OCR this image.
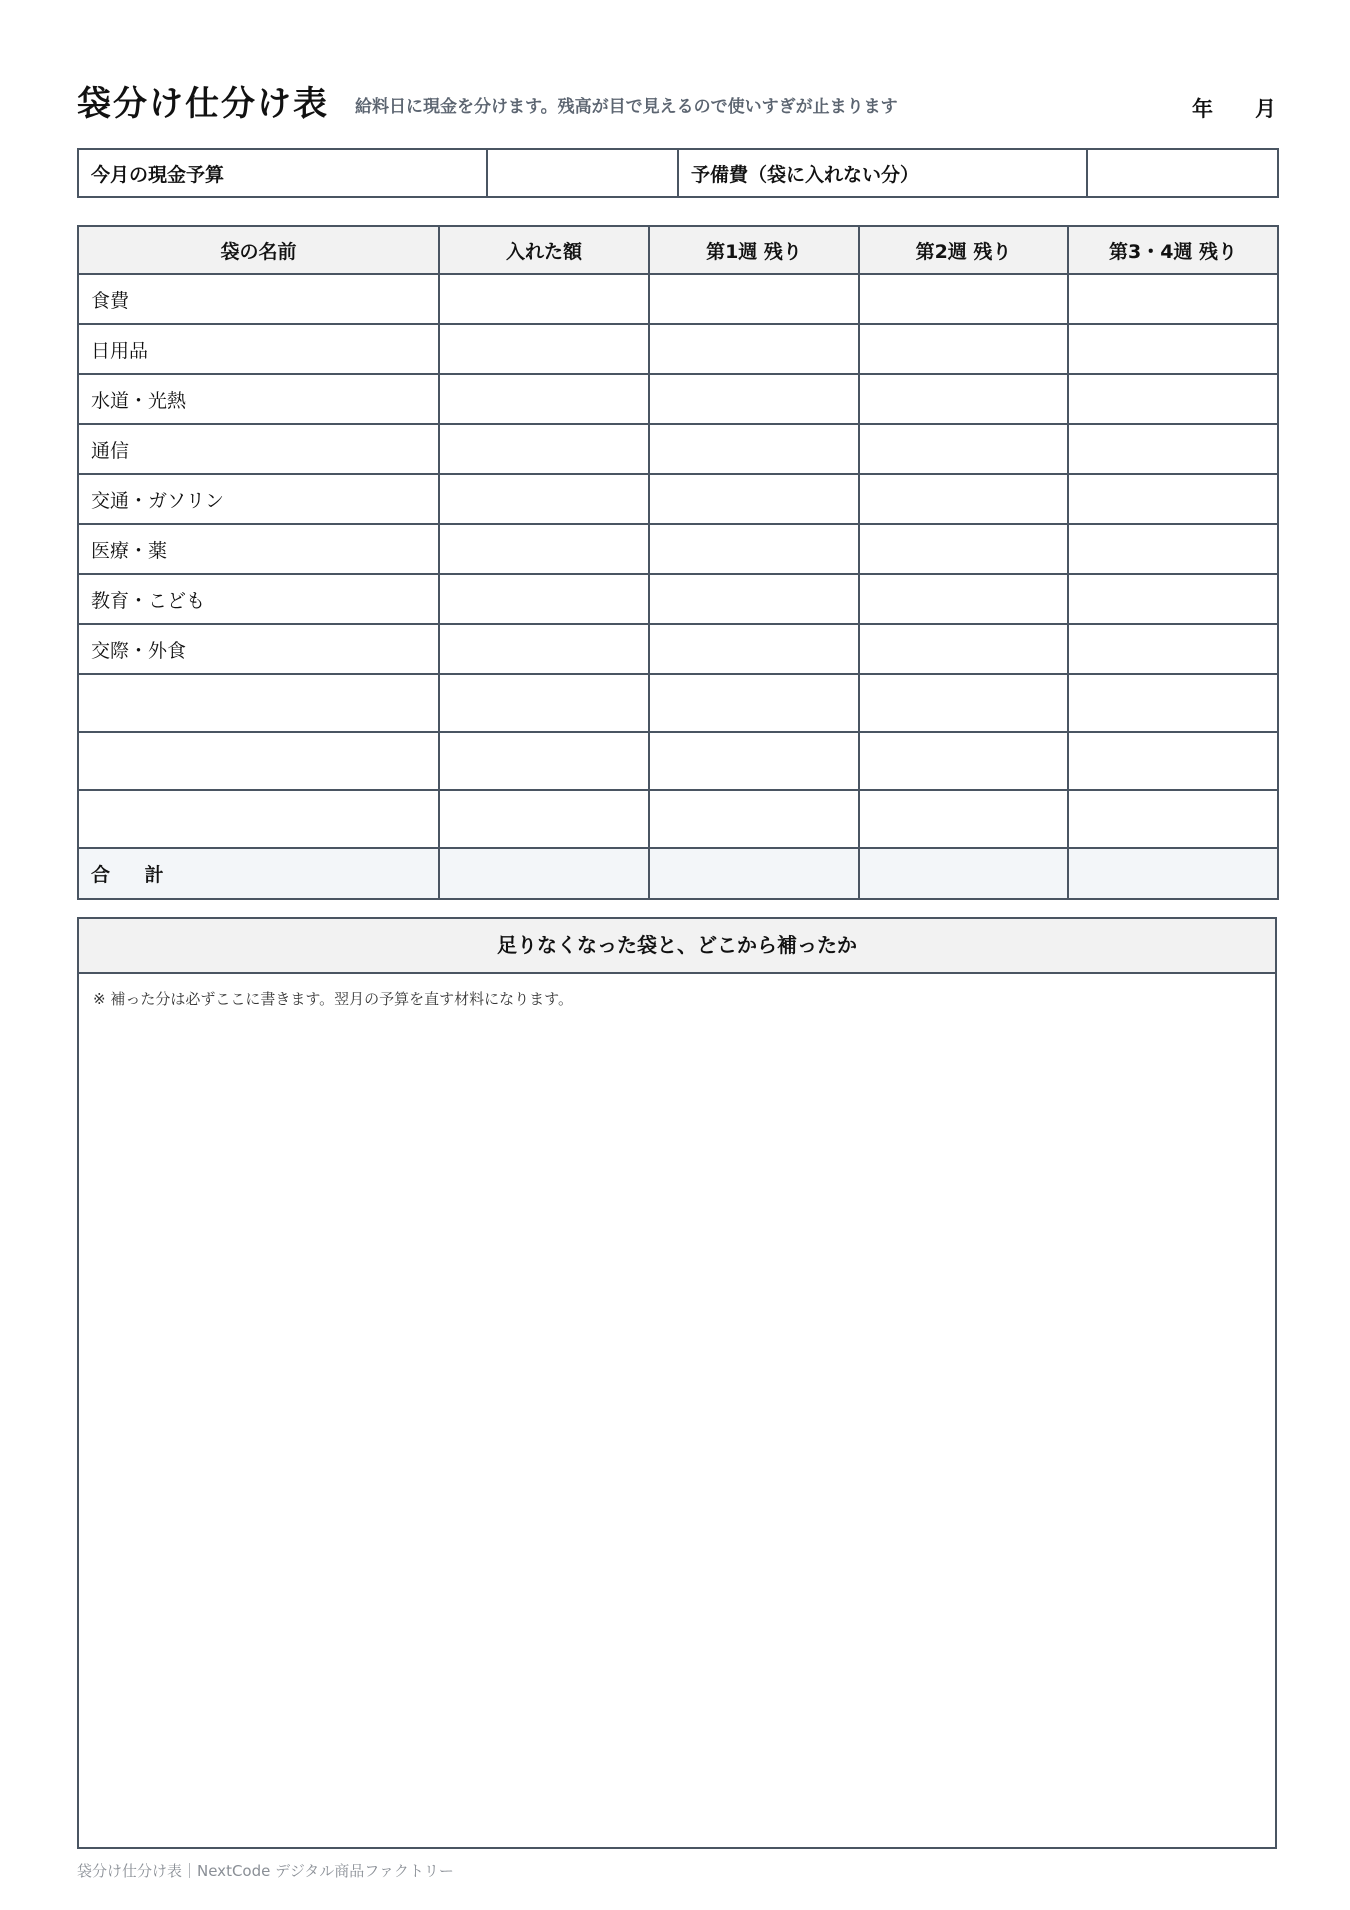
袋分け仕分け表 給料日に現金を分けます。残高が目で見えるので使いすぎが止まります	年 月
今月の現金予算		予備費（袋に入れない分）	
袋の名前	入れた額	第1週 残り	第2週 残り	第3・4週 残り
食費				
日用品				
水道・光熱				
通信				
交通・ガソリン				
医療・薬				
教育・こども				
交際・外食				

合 計				
足りなくなった袋と、どこから補ったか
※ 補った分は必ずここに書きます。翌月の予算を直す材料になります。
袋分け仕分け表｜NextCode デジタル商品ファクトリー
